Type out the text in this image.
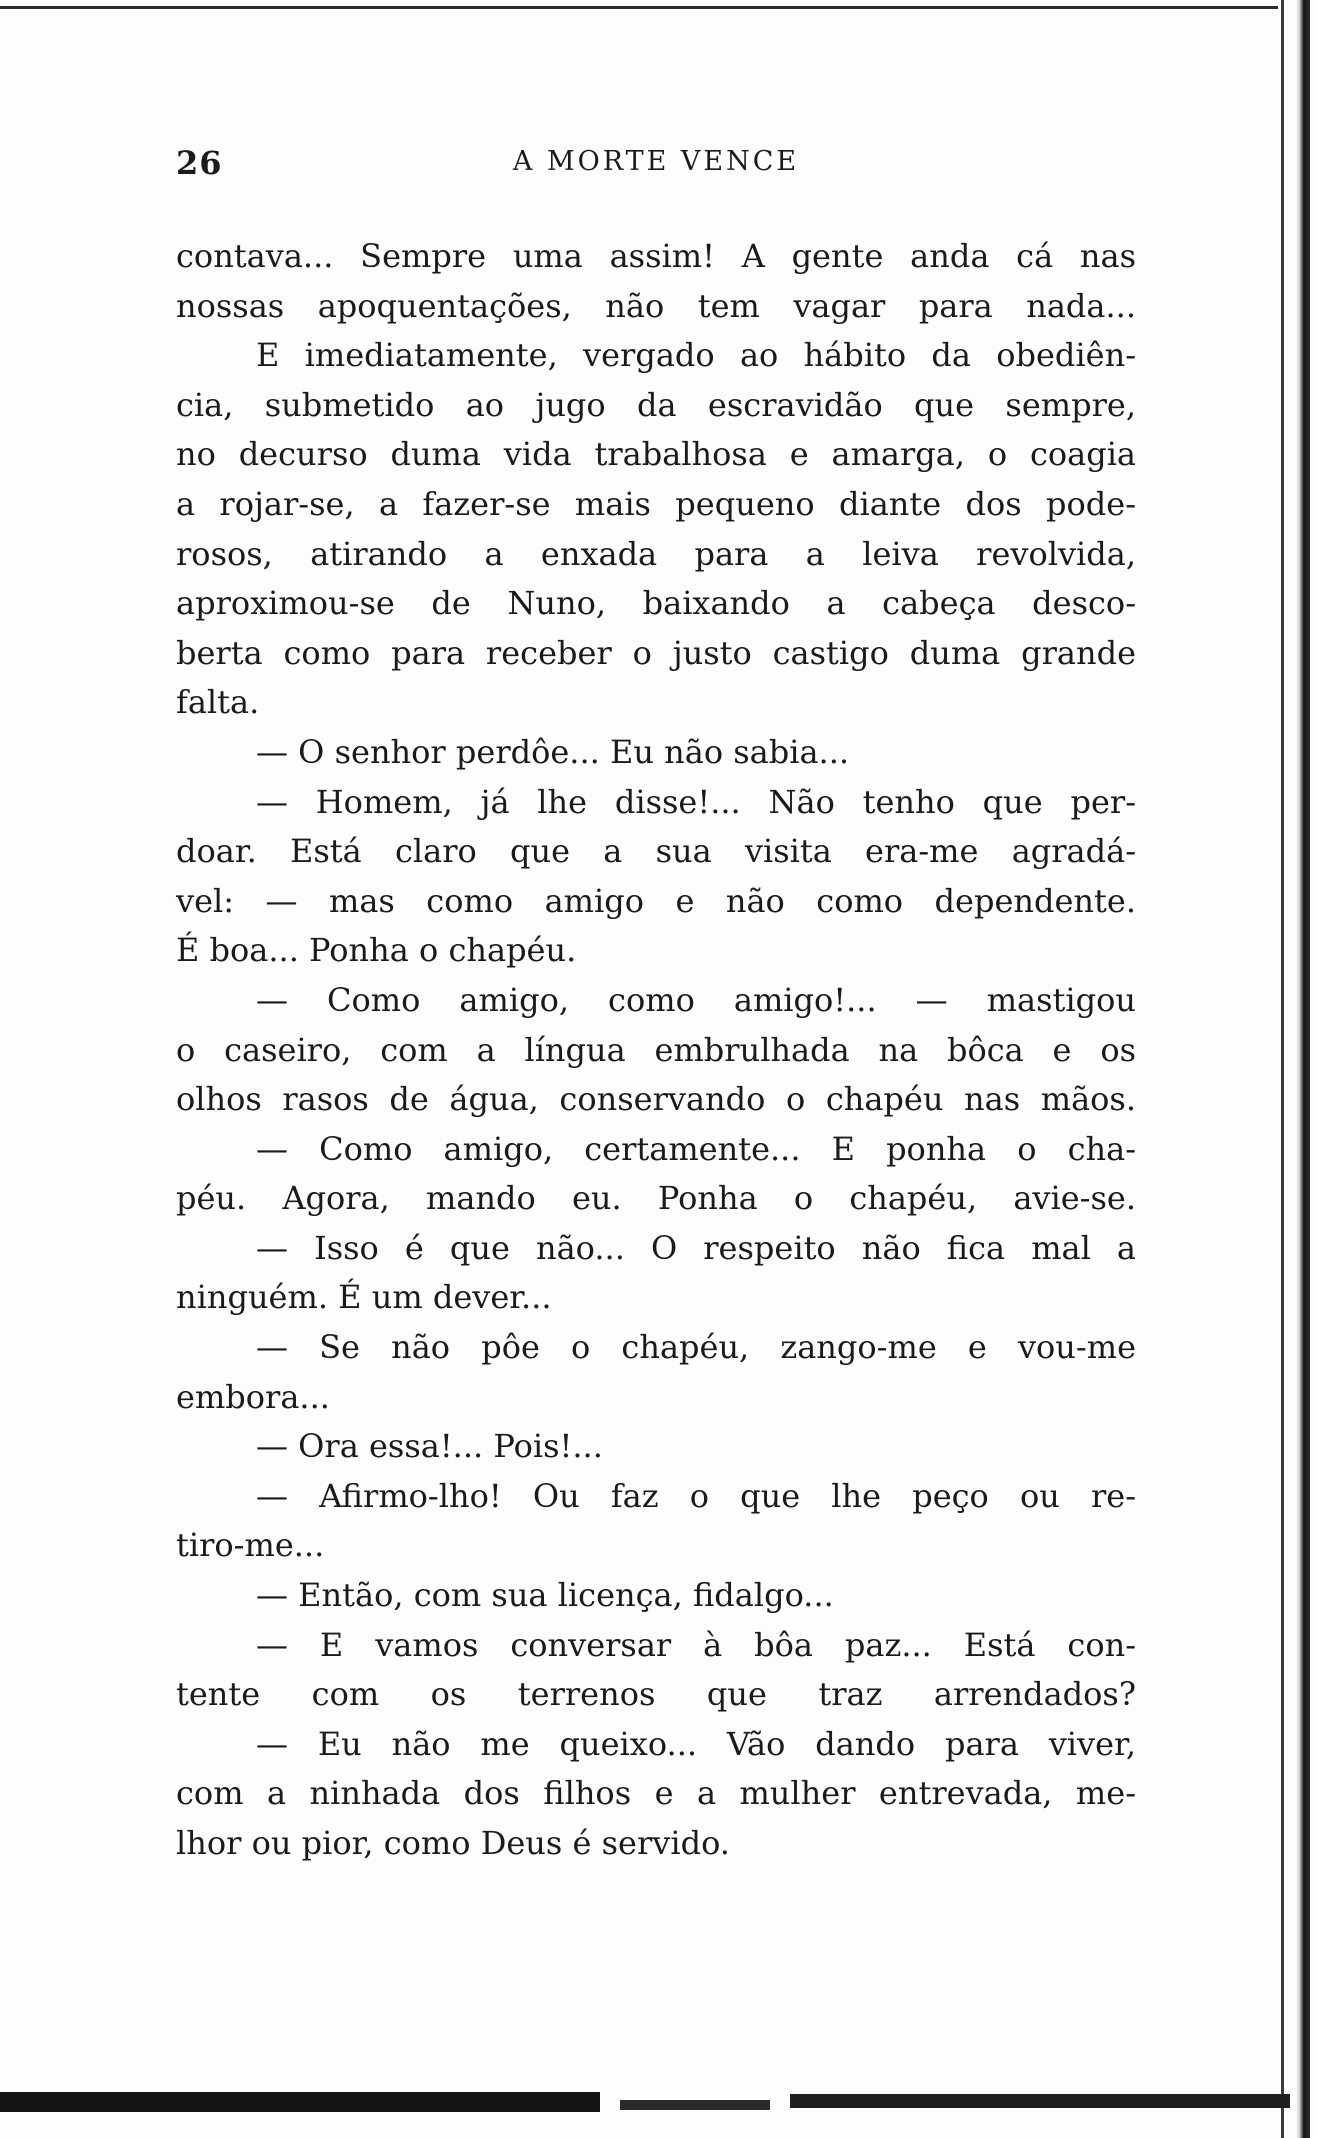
26	A MORTE VENCE
contava... Sempre uma assim! A gente anda cá nas
nossas apoquentações, não tem vagar para nada...
E imediatamente, vergado ao hábito da obediên-
cia, submetido ao jugo da escravidão que sempre,
no decurso duma vida trabalhosa e amarga, o coagia
a rojar-se, a fazer-se mais pequeno diante dos pode-
rosos, atirando a enxada para a leiva revolvida,
aproximou-se de Nuno, baixando a cabeça desco-
berta como para receber o justo castigo duma grande
falta.
— O senhor perdôe... Eu não sabia...
— Homem, já lhe disse!... Não tenho que per-
doar. Está claro que a sua visita era-me agradá-
vel: — mas como amigo e não como dependente.
É boa... Ponha o chapéu.
— Como amigo, como amigo!... — mastigou
o caseiro, com a língua embrulhada na bôca e os
olhos rasos de água, conservando o chapéu nas mãos.
— Como amigo, certamente... E ponha o cha-
péu. Agora, mando eu. Ponha o chapéu, avie-se.
— Isso é que não... O respeito não fica mal a
ninguém. É um dever...
— Se não pôe o chapéu, zango-me e vou-me
embora...
— Ora essa!... Pois!...
— Afirmo-lho! Ou faz o que lhe peço ou re-
tiro-me...
— Então, com sua licença, fidalgo...
— E vamos conversar à bôa paz... Está con-
tente com os terrenos que traz arrendados?
— Eu não me queixo... Vão dando para viver,
com a ninhada dos filhos e a mulher entrevada, me-
lhor ou pior, como Deus é servido.
